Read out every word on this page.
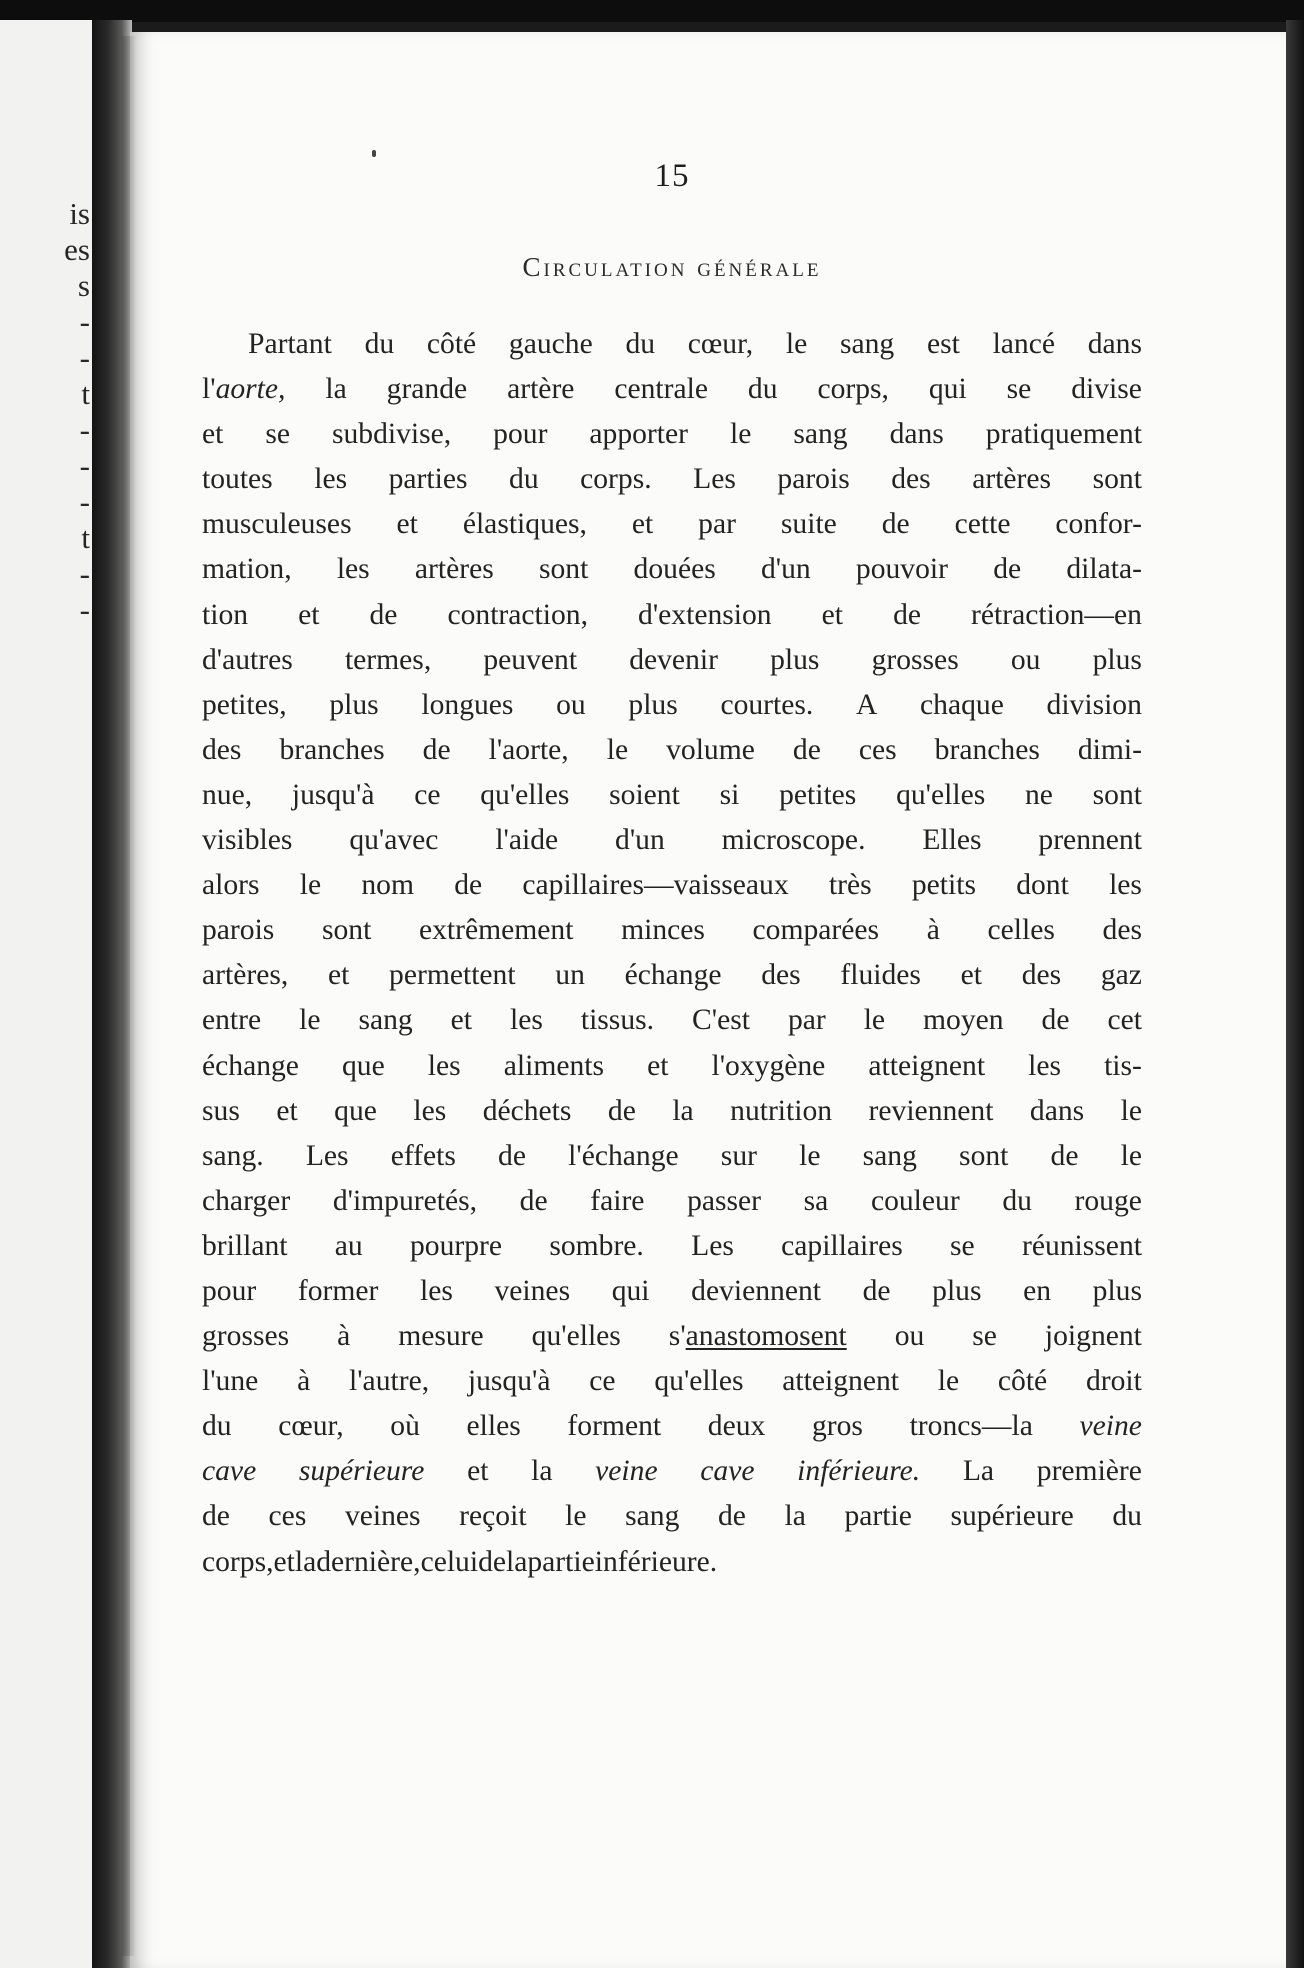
is
es
s
-
-
t
-
-
-
t
-
-
15
Circulation générale
Partant du côté gauche du cœur, le sang est lancé dans
l'aorte, la grande artère centrale du corps, qui se divise
et se subdivise, pour apporter le sang dans pratiquement
toutes les parties du corps. Les parois des artères sont
musculeuses et élastiques, et par suite de cette confor-
mation, les artères sont douées d'un pouvoir de dilata-
tion et de contraction, d'extension et de rétraction—en
d'autres termes, peuvent devenir plus grosses ou plus
petites, plus longues ou plus courtes. A chaque division
des branches de l'aorte, le volume de ces branches dimi-
nue, jusqu'à ce qu'elles soient si petites qu'elles ne sont
visibles qu'avec l'aide d'un microscope. Elles prennent
alors le nom de capillaires—vaisseaux très petits dont les
parois sont extrêmement minces comparées à celles des
artères, et permettent un échange des fluides et des gaz
entre le sang et les tissus. C'est par le moyen de cet
échange que les aliments et l'oxygène atteignent les tis-
sus et que les déchets de la nutrition reviennent dans le
sang. Les effets de l'échange sur le sang sont de le
charger d'impuretés, de faire passer sa couleur du rouge
brillant au pourpre sombre. Les capillaires se réunissent
pour former les veines qui deviennent de plus en plus
grosses à mesure qu'elles s'anastomosent ou se joignent
l'une à l'autre, jusqu'à ce qu'elles atteignent le côté droit
du cœur, où elles forment deux gros troncs—la veine
cave supérieure et la veine cave inférieure. La première
de ces veines reçoit le sang de la partie supérieure du
corps, et la dernière, celui de la partie inférieure.
